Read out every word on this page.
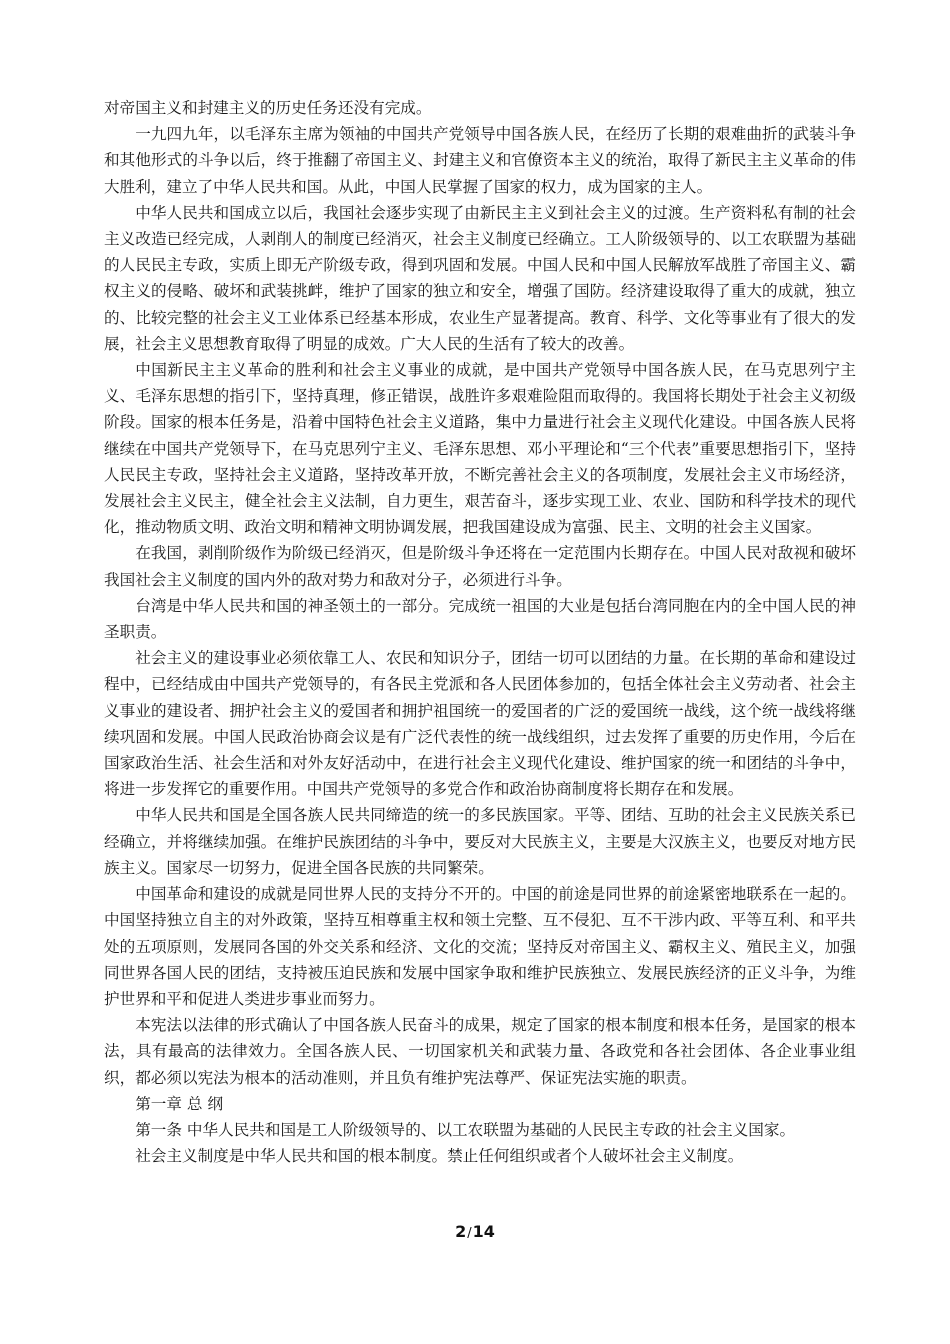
对帝国主义和封建主义的历史任务还没有完成。

一九四九年，以毛泽东主席为领袖的中国共产党领导中国各族人民，在经历了长期的艰难曲折的武装斗争和其他形式的斗争以后，终于推翻了帝国主义、封建主义和官僚资本主义的统治，取得了新民主主义革命的伟大胜利，建立了中华人民共和国。从此，中国人民掌握了国家的权力，成为国家的主人。

中华人民共和国成立以后，我国社会逐步实现了由新民主主义到社会主义的过渡。生产资料私有制的社会主义改造已经完成，人剥削人的制度已经消灭，社会主义制度已经确立。工人阶级领导的、以工农联盟为基础的人民民主专政，实质上即无产阶级专政，得到巩固和发展。中国人民和中国人民解放军战胜了帝国主义、霸权主义的侵略、破坏和武装挑衅，维护了国家的独立和安全，增强了国防。经济建设取得了重大的成就，独立的、比较完整的社会主义工业体系已经基本形成，农业生产显著提高。教育、科学、文化等事业有了很大的发展，社会主义思想教育取得了明显的成效。广大人民的生活有了较大的改善。

中国新民主主义革命的胜利和社会主义事业的成就，是中国共产党领导中国各族人民，在马克思列宁主义、毛泽东思想的指引下，坚持真理，修正错误，战胜许多艰难险阻而取得的。我国将长期处于社会主义初级阶段。国家的根本任务是，沿着中国特色社会主义道路，集中力量进行社会主义现代化建设。中国各族人民将继续在中国共产党领导下，在马克思列宁主义、毛泽东思想、邓小平理论和“三个代表”重要思想指引下，坚持人民民主专政，坚持社会主义道路，坚持改革开放，不断完善社会主义的各项制度，发展社会主义市场经济，发展社会主义民主，健全社会主义法制，自力更生，艰苦奋斗，逐步实现工业、农业、国防和科学技术的现代化，推动物质文明、政治文明和精神文明协调发展，把我国建设成为富强、民主、文明的社会主义国家。

在我国，剥削阶级作为阶级已经消灭，但是阶级斗争还将在一定范围内长期存在。中国人民对敌视和破坏我国社会主义制度的国内外的敌对势力和敌对分子，必须进行斗争。

台湾是中华人民共和国的神圣领土的一部分。完成统一祖国的大业是包括台湾同胞在内的全中国人民的神圣职责。

社会主义的建设事业必须依靠工人、农民和知识分子，团结一切可以团结的力量。在长期的革命和建设过程中，已经结成由中国共产党领导的，有各民主党派和各人民团体参加的，包括全体社会主义劳动者、社会主义事业的建设者、拥护社会主义的爱国者和拥护祖国统一的爱国者的广泛的爱国统一战线，这个统一战线将继续巩固和发展。中国人民政治协商会议是有广泛代表性的统一战线组织，过去发挥了重要的历史作用，今后在国家政治生活、社会生活和对外友好活动中，在进行社会主义现代化建设、维护国家的统一和团结的斗争中，将进一步发挥它的重要作用。中国共产党领导的多党合作和政治协商制度将长期存在和发展。

中华人民共和国是全国各族人民共同缔造的统一的多民族国家。平等、团结、互助的社会主义民族关系已经确立，并将继续加强。在维护民族团结的斗争中，要反对大民族主义，主要是大汉族主义，也要反对地方民族主义。国家尽一切努力，促进全国各民族的共同繁荣。

中国革命和建设的成就是同世界人民的支持分不开的。中国的前途是同世界的前途紧密地联系在一起的。中国坚持独立自主的对外政策，坚持互相尊重主权和领土完整、互不侵犯、互不干涉内政、平等互利、和平共处的五项原则，发展同各国的外交关系和经济、文化的交流；坚持反对帝国主义、霸权主义、殖民主义，加强同世界各国人民的团结，支持被压迫民族和发展中国家争取和维护民族独立、发展民族经济的正义斗争，为维护世界和平和促进人类进步事业而努力。

本宪法以法律的形式确认了中国各族人民奋斗的成果，规定了国家的根本制度和根本任务，是国家的根本法，具有最高的法律效力。全国各族人民、一切国家机关和武装力量、各政党和各社会团体、各企业事业组织，都必须以宪法为根本的活动准则，并且负有维护宪法尊严、保证宪法实施的职责。

第一章 总 纲

第一条 中华人民共和国是工人阶级领导的、以工农联盟为基础的人民民主专政的社会主义国家。

社会主义制度是中华人民共和国的根本制度。禁止任何组织或者个人破坏社会主义制度。

2/14
